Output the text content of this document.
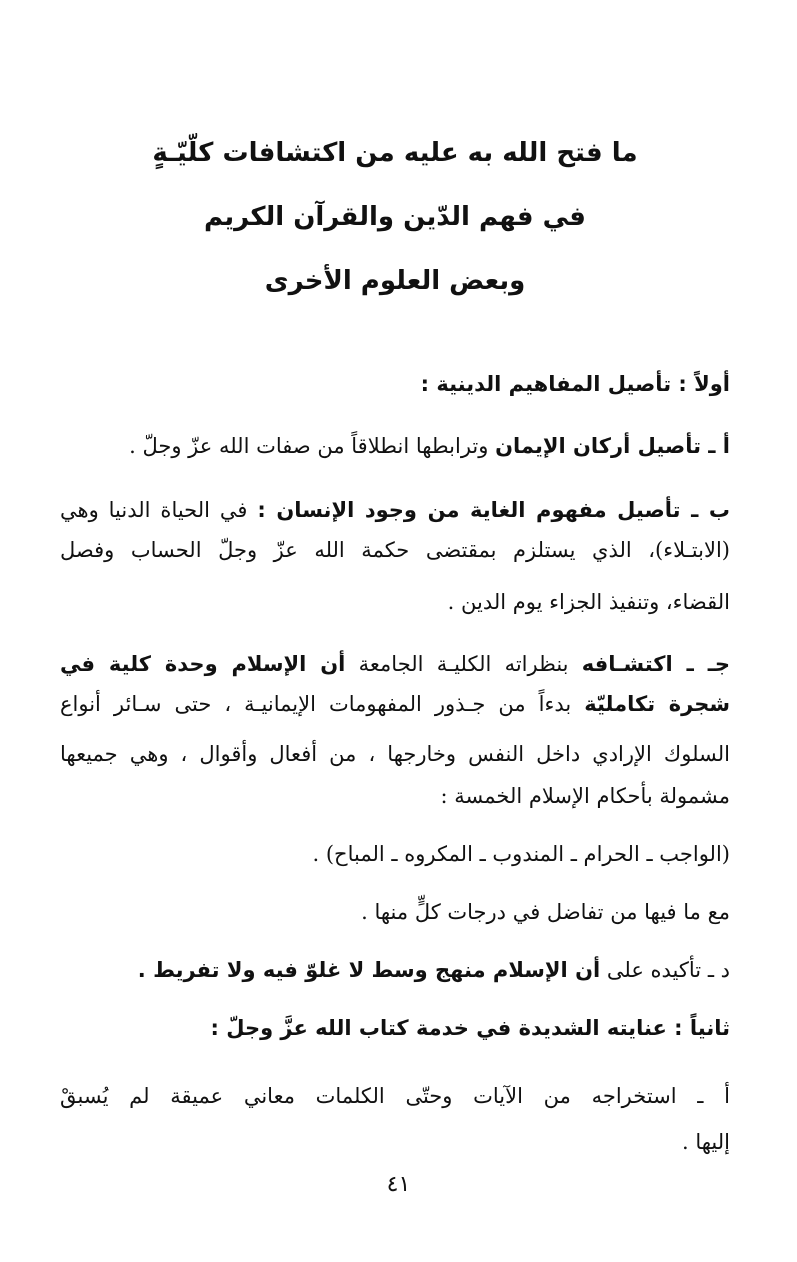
ما فتح الله به عليه من اكتشافات كلّيّـةٍ
في فهم الدّين والقرآن الكريم
وبعض العلوم الأخرى
أولاً : تأصيل المفاهيم الدينية :
أ ـ تأصيل أركان الإيمان وترابطها انطلاقاً من صفات الله عزّ وجلّ .
ب ـ تأصيل مفهوم الغاية من وجود الإنسان : في الحياة الدنيا وهي
(الابتـلاء)، الذي يستلزم بمقتضى حكمة الله عزّ وجلّ الحساب وفصل
القضاء، وتنفيذ الجزاء يوم الدين .
جـ ـ اكتشـافه بنظراته الكليـة الجامعة أن الإسلام وحدة كلية في
شجرة تكامليّة بدءاً من جـذور المفهومات الإيمانيـة ، حتى سـائر أنواع
السلوك الإرادي داخل النفس وخارجها ، من أفعال وأقوال ، وهي جميعها
مشمولة بأحكام الإسلام الخمسة :
(الواجب ـ الحرام ـ المندوب ـ المكروه ـ المباح) .
مع ما فيها من تفاضل في درجات كلٍّ منها .
د ـ تأكيده على أن الإسلام منهج وسط لا غلوّ فيه ولا تفريط .
ثانياً : عنايته الشديدة في خدمة كتاب الله عزَّ وجلّ :
أ ـ استخراجه من الآيات وحتّى الكلمات معاني عميقة لم يُسبقْ
إليها .
٤١
